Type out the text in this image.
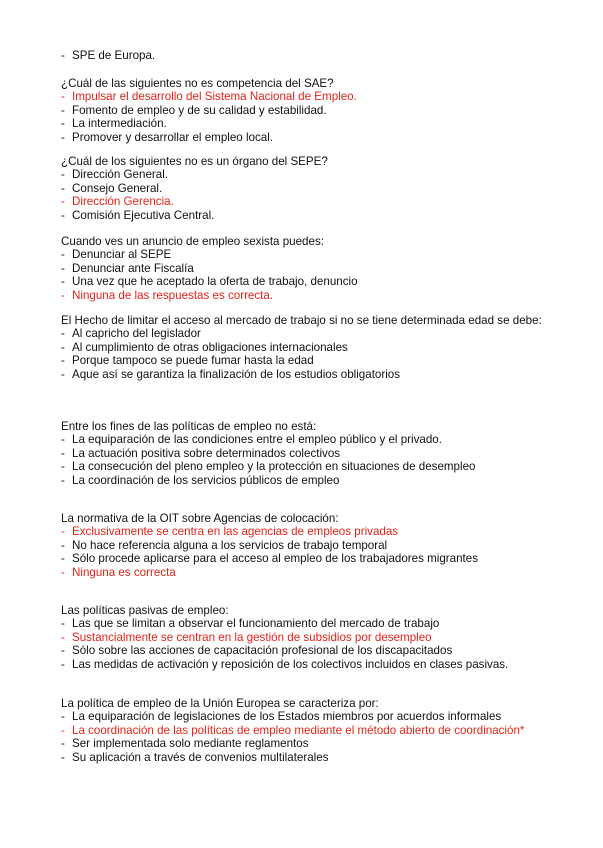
- SPE de Europa.

¿Cuál de las siguientes no es competencia del SAE?

- Impulsar el desarrollo del Sistema Nacional de Empleo.
- Fomento de empleo y de su calidad y estabilidad.
- La intermediación.
- Promover y desarrollar el empleo local.

¿Cuál de los siguientes no es un órgano del SEPE?

- Dirección General.
- Consejo General.
- Dirección Gerencia.
- Comisión Ejecutiva Central.

Cuando ves un anuncio de empleo sexista puedes:

- Denunciar al SEPE
- Denunciar ante Fiscalía
- Una vez que he aceptado la oferta de trabajo, denuncio
- Ninguna de las respuestas es correcta.

El Hecho de limitar el acceso al mercado de trabajo si no se tiene determinada edad se debe:

- Al capricho del legislador
- Al cumplimiento de otras obligaciones internacionales
- Porque tampoco se puede fumar hasta la edad
- Aque así se garantiza la finalización de los estudios obligatorios

Entre los fines de las políticas de empleo no está:

- La equiparación de las condiciones entre el empleo público y el privado.
- La actuación positiva sobre determinados colectivos
- La consecución del pleno empleo y la protección en situaciones de desempleo
- La coordinación de los servicios públicos de empleo

La normativa de la OIT sobre Agencias de colocación:

- Exclusivamente se centra en las agencias de empleos privadas
- No hace referencia alguna a los servicios de trabajo temporal
- Sólo procede aplicarse para el acceso al empleo de los trabajadores migrantes
- Ninguna es correcta

Las políticas pasivas de empleo:

- Las que se limitan a observar el funcionamiento del mercado de trabajo
- Sustancialmente se centran en la gestión de subsidios por desempleo
- Sólo sobre las acciones de capacitación profesional de los discapacitados
- Las medidas de activación y reposición de los colectivos incluidos en clases pasivas.

La política de empleo de la Unión Europea se caracteriza por:

- La equiparación de legislaciones de los Estados miembros por acuerdos informales
- La coordinación de las políticas de empleo mediante el método abierto de coordinación*
- Ser implementada solo mediante reglamentos
- Su aplicación a través de convenios multilaterales
